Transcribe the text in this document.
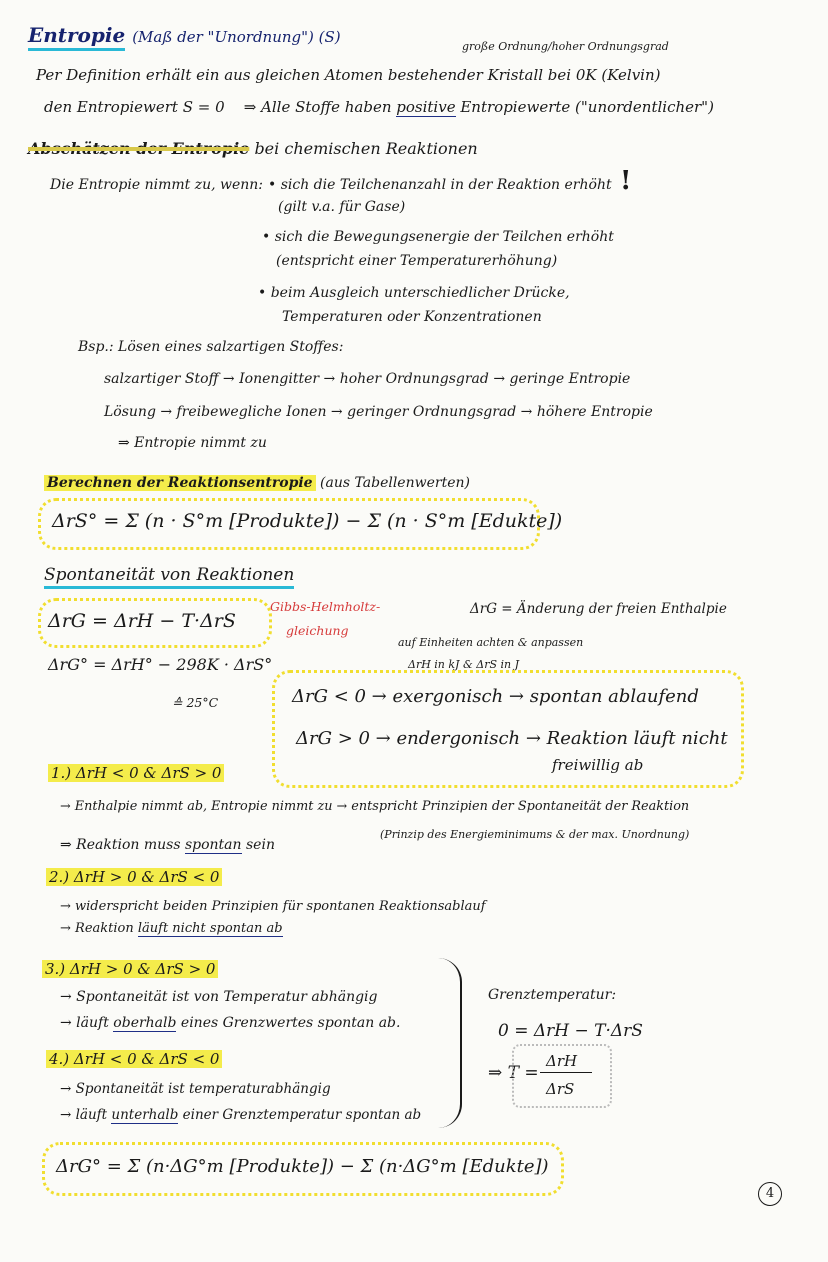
Entropie (Maß der "Unordnung") (S)
große Ordnung/hoher Ordnungsgrad
Per Definition erhält ein aus gleichen Atomen bestehender Kristall bei 0K (Kelvin)
den Entropiewert S = 0 ⇒ Alle Stoffe haben positive Entropiewerte ("unordentlicher")
Abschätzen der Entropie bei chemischen Reaktionen
Die Entropie nimmt zu, wenn: • sich die Teilchenanzahl in der Reaktion erhöht !
(gilt v.a. für Gase)
• sich die Bewegungsenergie der Teilchen erhöht
(entspricht einer Temperaturerhöhung)
• beim Ausgleich unterschiedlicher Drücke,
Temperaturen oder Konzentrationen
Bsp.: Lösen eines salzartigen Stoffes:
salzartiger Stoff → Ionengitter → hoher Ordnungsgrad → geringe Entropie
Lösung → freibewegliche Ionen → geringer Ordnungsgrad → höhere Entropie
⇒ Entropie nimmt zu
Berechnen der Reaktionsentropie (aus Tabellenwerten)
ΔrS° = Σ (n · S°m [Produkte]) − Σ (n · S°m [Edukte])
Spontaneität von Reaktionen
ΔrG = ΔrH − T·ΔrS
Gibbs-Helmholtz-
gleichung
ΔrG = Änderung der freien Enthalpie
auf Einheiten achten & anpassen
ΔrH in kJ & ΔrS in J
ΔrG° = ΔrH° − 298K · ΔrS°
≙ 25°C	ΔrG < 0 → exergonisch → spontan ablaufend
ΔrG > 0 → endergonisch → Reaktion läuft nicht
freiwillig ab
1.) ΔrH < 0 & ΔrS > 0
→ Enthalpie nimmt ab, Entropie nimmt zu → entspricht Prinzipien der Spontaneität der Reaktion
(Prinzip des Energieminimums & der max. Unordnung)
⇒ Reaktion muss spontan sein
2.) ΔrH > 0 & ΔrS < 0
→ widerspricht beiden Prinzipien für spontanen Reaktionsablauf
→ Reaktion läuft nicht spontan ab
3.) ΔrH > 0 & ΔrS > 0
→ Spontaneität ist von Temperatur abhängig
→ läuft oberhalb eines Grenzwertes spontan ab.
4.) ΔrH < 0 & ΔrS < 0
→ Spontaneität ist temperaturabhängig
→ läuft unterhalb einer Grenztemperatur spontan ab
Grenztemperatur:
0 = ΔrH − T·ΔrS
⇒ T =
ΔrH
ΔrS
ΔrG° = Σ (n·ΔG°m [Produkte]) − Σ (n·ΔG°m [Edukte])
4
